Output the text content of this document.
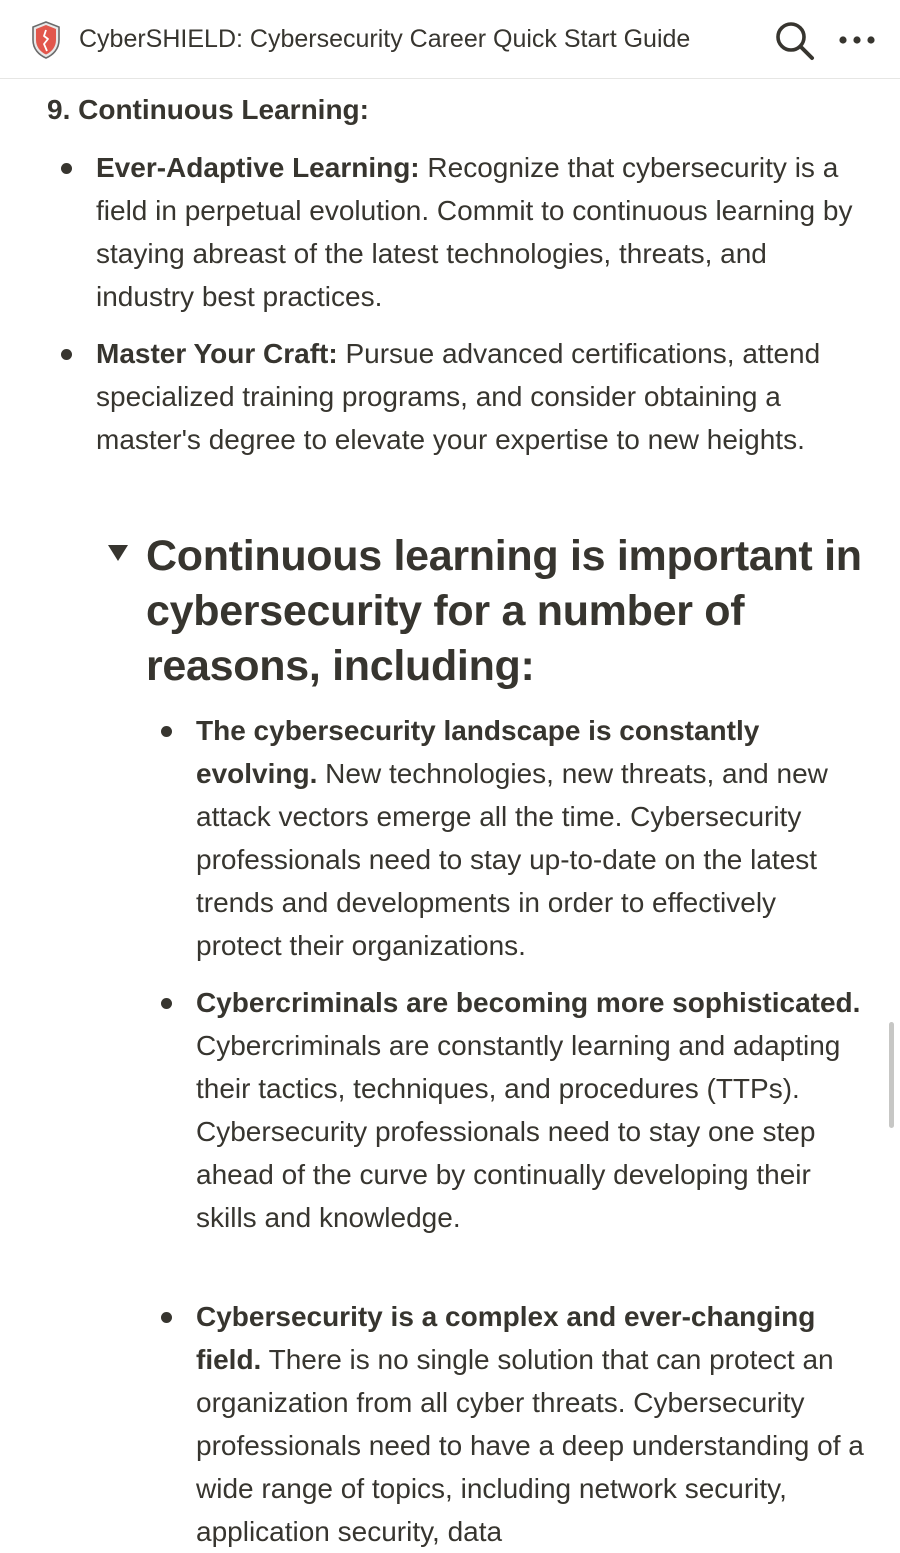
CyberSHIELD: Cybersecurity Career Quick Start Guide
9. Continuous Learning:
Ever-Adaptive Learning: Recognize that cybersecurity is a field in perpetual evolution. Commit to continuous learning by staying abreast of the latest technologies, threats, and industry best practices.
Master Your Craft: Pursue advanced certifications, attend specialized training programs, and consider obtaining a master's degree to elevate your expertise to new heights.
Continuous learning is important in cybersecurity for a number of reasons, including:
The cybersecurity landscape is constantly evolving. New technologies, new threats, and new attack vectors emerge all the time. Cybersecurity professionals need to stay up-to-date on the latest trends and developments in order to effectively protect their organizations.
Cybercriminals are becoming more sophisticated. Cybercriminals are constantly learning and adapting their tactics, techniques, and procedures (TTPs). Cybersecurity professionals need to stay one step ahead of the curve by continually developing their skills and knowledge.
Cybersecurity is a complex and ever-changing field. There is no single solution that can protect an organization from all cyber threats. Cybersecurity professionals need to have a deep understanding of a wide range of topics, including network security, application security, data
